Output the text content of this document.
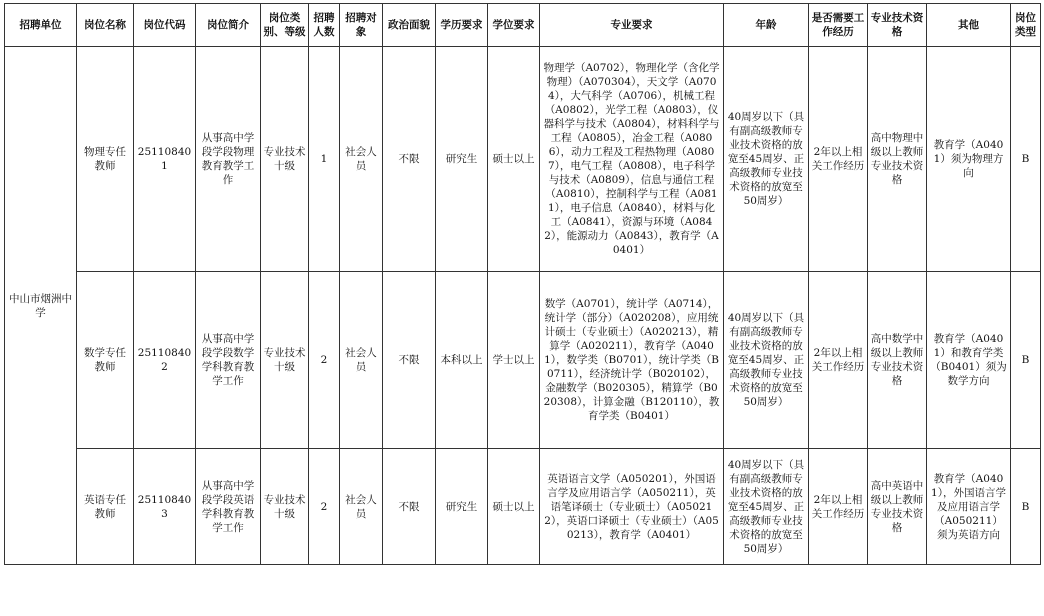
招聘单位	岗位名称	岗位代码	岗位简介	岗位类别、等级	招聘人数	招聘对象	政治面貌	学历要求	学位要求	专业要求	年龄	是否需要工作经历	专业技术资格	其他	岗位类型
中山市烟洲中学	物理专任教师	251108401	从事高中学段学段物理教育教学工作	专业技术十级	1	社会人员	不限	研究生	硕士以上	物理学（A0702），物理化学（含化学物理）（A070304），天文学（A0704），大气科学（A0706），机械工程（A0802），光学工程（A0803），仪器科学与技术（A0804），材料科学与工程（A0805），冶金工程（A0806），动力工程及工程热物理（A0807），电气工程（A0808），电子科学与技术（A0809），信息与通信工程（A0810），控制科学与工程（A0811），电子信息（A0840），材料与化工（A0841），资源与环境（A0842），能源动力（A0843），教育学（A0401）	40周岁以下（具有副高级教师专业技术资格的放宽至45周岁、正高级教师专业技术资格的放宽至50周岁）	2年以上相关工作经历	高中物理中级以上教师专业技术资格	教育学（A0401）须为物理方向	B
	数学专任教师	251108402	从事高中学段学段数学学科教育教学工作	专业技术十级	2	社会人员	不限	本科以上	学士以上	数学（A0701），统计学（A0714），统计学（部分）（A020208），应用统计硕士（专业硕士）（A020213），精算学（A020211），教育学（A0401），数学类（B0701），统计学类（B0711），经济统计学（B020102），金融数学（B020305），精算学（B020308），计算金融（B120110），教育学类（B0401）	40周岁以下（具有副高级教师专业技术资格的放宽至45周岁、正高级教师专业技术资格的放宽至50周岁）	2年以上相关工作经历	高中数学中级以上教师专业技术资格	教育学（A0401）和教育学类（B0401）须为数学方向	B
	英语专任教师	251108403	从事高中学段学段英语学科教育教学工作	专业技术十级	2	社会人员	不限	研究生	硕士以上	英语语言文学（A050201），外国语言学及应用语言学（A050211），英语笔译硕士（专业硕士）（A050212），英语口译硕士（专业硕士）（A050213），教育学（A0401）	40周岁以下（具有副高级教师专业技术资格的放宽至45周岁、正高级教师专业技术资格的放宽至50周岁）	2年以上相关工作经历	高中英语中级以上教师专业技术资格	教育学（A0401），外国语言学及应用语言学（A050211）须为英语方向	B
